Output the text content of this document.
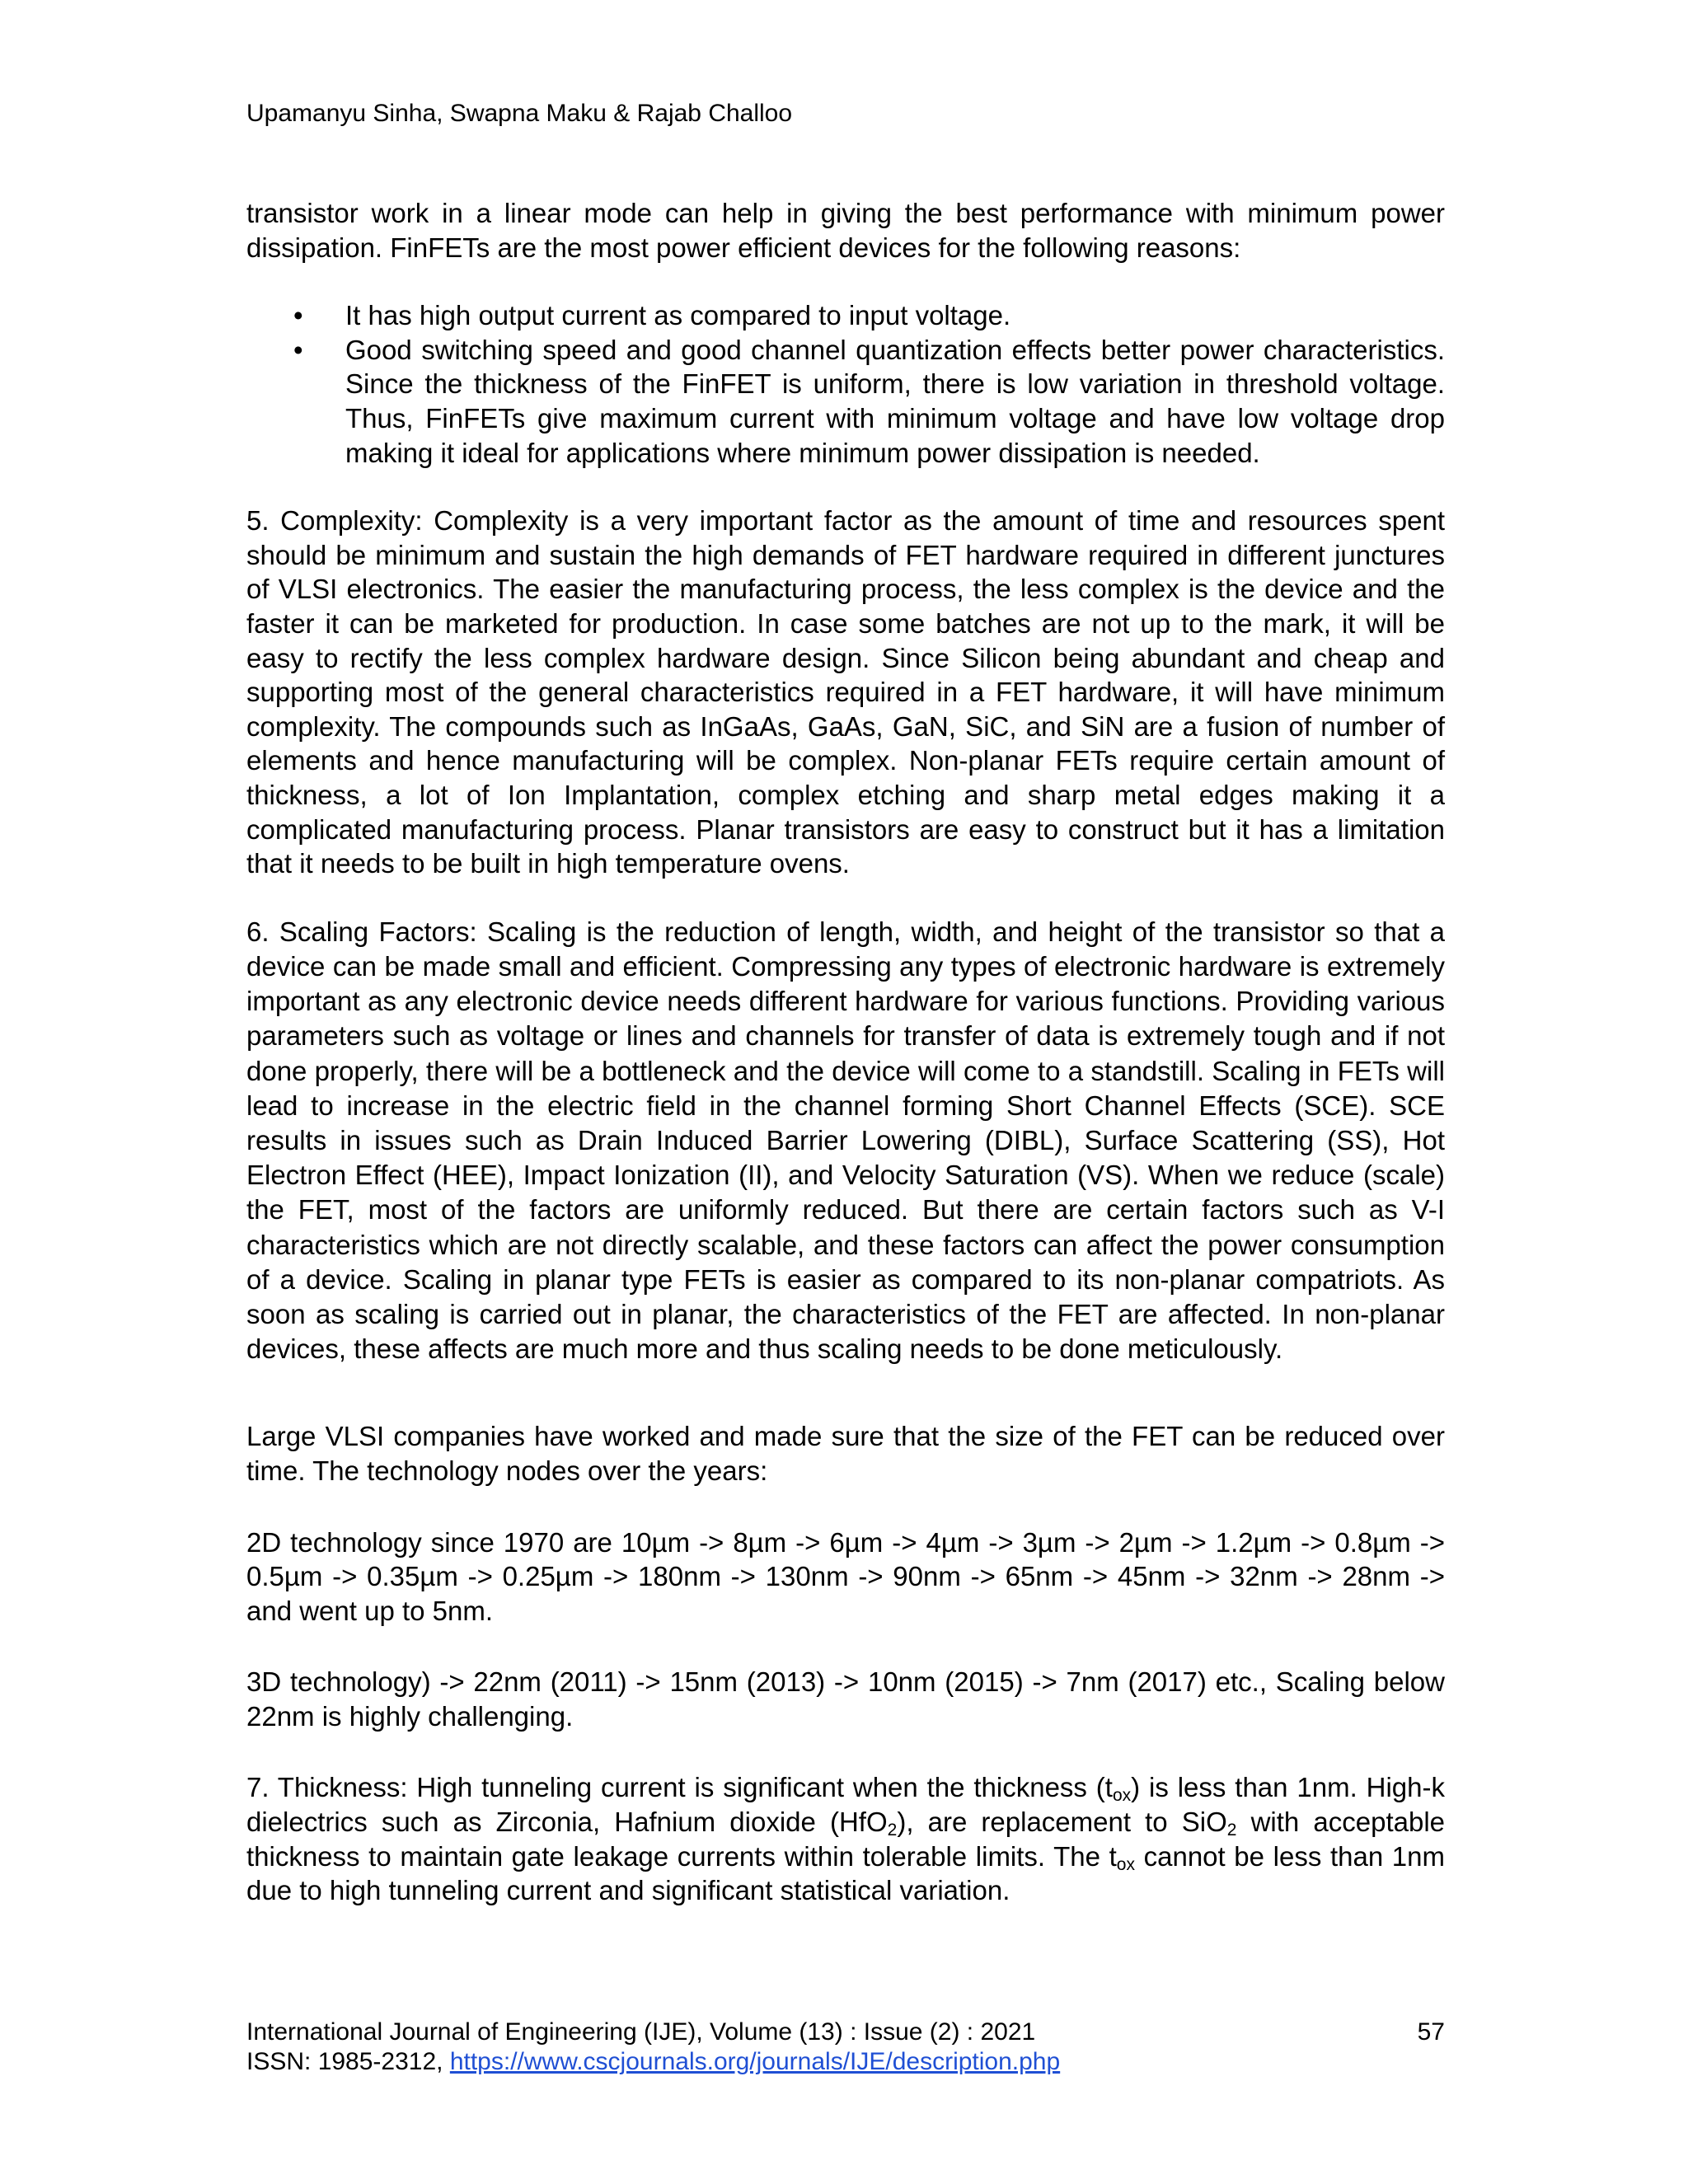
Upamanyu Sinha, Swapna Maku & Rajab Challoo

transistor work in a linear mode can help in giving the best performance with minimum power dissipation. FinFETs are the most power efficient devices for the following reasons:

• It has high output current as compared to input voltage.
• Good switching speed and good channel quantization effects better power characteristics. Since the thickness of the FinFET is uniform, there is low variation in threshold voltage. Thus, FinFETs give maximum current with minimum voltage and have low voltage drop making it ideal for applications where minimum power dissipation is needed.

5. Complexity: Complexity is a very important factor as the amount of time and resources spent should be minimum and sustain the high demands of FET hardware required in different junctures of VLSI electronics. The easier the manufacturing process, the less complex is the device and the faster it can be marketed for production. In case some batches are not up to the mark, it will be easy to rectify the less complex hardware design. Since Silicon being abundant and cheap and supporting most of the general characteristics required in a FET hardware, it will have minimum complexity. The compounds such as InGaAs, GaAs, GaN, SiC, and SiN are a fusion of number of elements and hence manufacturing will be complex. Non-planar FETs require certain amount of thickness, a lot of Ion Implantation, complex etching and sharp metal edges making it a complicated manufacturing process. Planar transistors are easy to construct but it has a limitation that it needs to be built in high temperature ovens.

6. Scaling Factors: Scaling is the reduction of length, width, and height of the transistor so that a device can be made small and efficient. Compressing any types of electronic hardware is extremely important as any electronic device needs different hardware for various functions. Providing various parameters such as voltage or lines and channels for transfer of data is extremely tough and if not done properly, there will be a bottleneck and the device will come to a standstill. Scaling in FETs will lead to increase in the electric field in the channel forming Short Channel Effects (SCE). SCE results in issues such as Drain Induced Barrier Lowering (DIBL), Surface Scattering (SS), Hot Electron Effect (HEE), Impact Ionization (II), and Velocity Saturation (VS). When we reduce (scale) the FET, most of the factors are uniformly reduced. But there are certain factors such as V-I characteristics which are not directly scalable, and these factors can affect the power consumption of a device. Scaling in planar type FETs is easier as compared to its non-planar compatriots. As soon as scaling is carried out in planar, the characteristics of the FET are affected. In non-planar devices, these affects are much more and thus scaling needs to be done meticulously.

Large VLSI companies have worked and made sure that the size of the FET can be reduced over time. The technology nodes over the years:

2D technology since 1970 are 10µm -> 8µm -> 6µm -> 4µm -> 3µm -> 2µm -> 1.2µm -> 0.8µm -> 0.5µm -> 0.35µm -> 0.25µm -> 180nm -> 130nm -> 90nm -> 65nm -> 45nm -> 32nm -> 28nm -> and went up to 5nm.

3D technology) -> 22nm (2011) -> 15nm (2013) -> 10nm (2015) -> 7nm (2017) etc., Scaling below 22nm is highly challenging.

7. Thickness: High tunneling current is significant when the thickness $(t_{ox})$ is less than 1nm. High-k dielectrics such as Zirconia, Hafnium dioxide (HfO$_2$), are replacement to SiO$_2$ with acceptable thickness to maintain gate leakage currents within tolerable limits. The $t_{ox}$ cannot be less than 1nm due to high tunneling current and significant statistical variation.

International Journal of Engineering (IJE), Volume (13) : Issue (2) : 2021	57
ISSN: 1985-2312, https://www.cscjournals.org/journals/IJE/description.php
